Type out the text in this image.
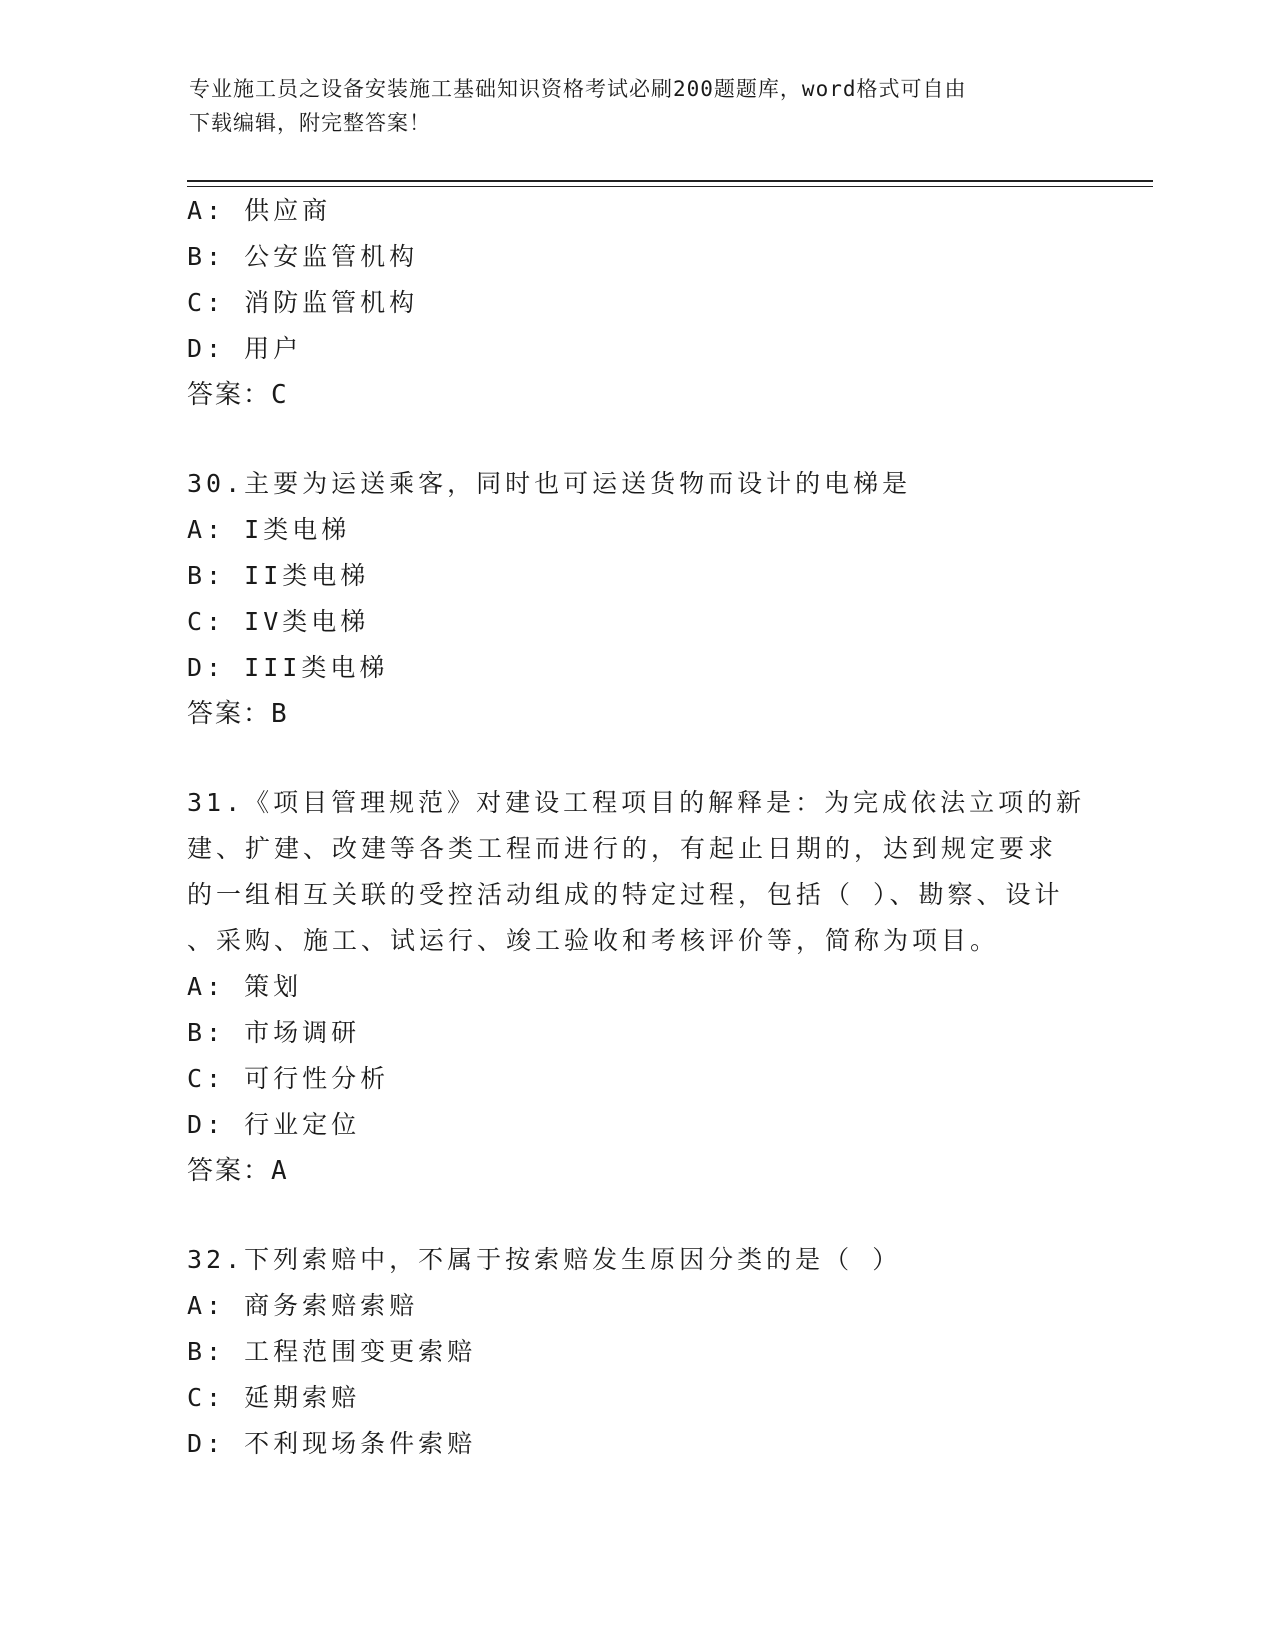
专业施工员之设备安装施工基础知识资格考试必刷200题题库，word格式可自由
下载编辑，附完整答案！
A: 供应商
B: 公安监管机构
C: 消防监管机构
D: 用户
答案：C
30.主要为运送乘客，同时也可运送货物而设计的电梯是
A: I类电梯
B: II类电梯
C: IV类电梯
D: III类电梯
答案：B
31.《项目管理规范》对建设工程项目的解释是：为完成依法立项的新
建、扩建、改建等各类工程而进行的，有起止日期的，达到规定要求
的一组相互关联的受控活动组成的特定过程，包括（ ）、勘察、设计
、采购、施工、试运行、竣工验收和考核评价等，简称为项目。
A: 策划
B: 市场调研
C: 可行性分析
D: 行业定位
答案：A
32.下列索赔中，不属于按索赔发生原因分类的是（ ）
A: 商务索赔索赔
B: 工程范围变更索赔
C: 延期索赔
D: 不利现场条件索赔
